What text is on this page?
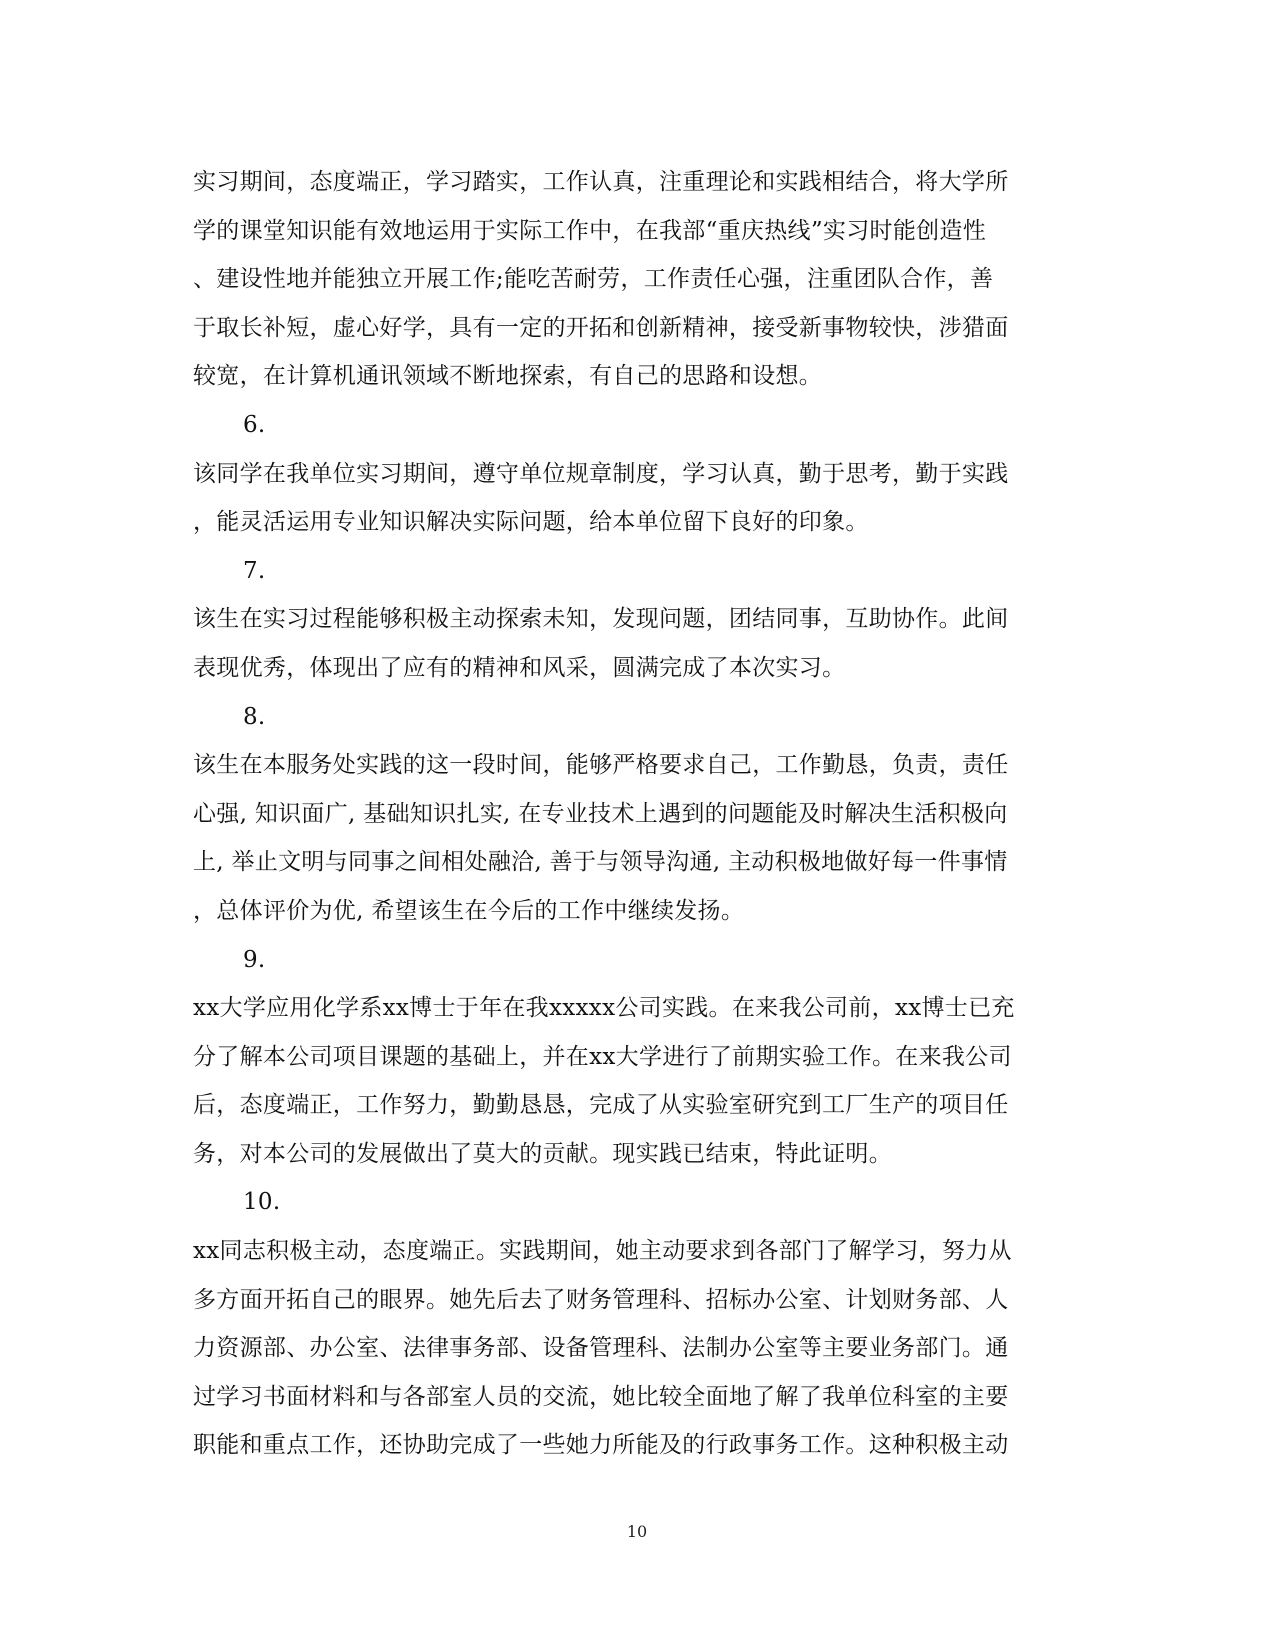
实习期间，态度端正，学习踏实，工作认真，注重理论和实践相结合，将大学所
学的课堂知识能有效地运用于实际工作中，在我部“重庆热线”实习时能创造性
、建设性地并能独立开展工作;能吃苦耐劳，工作责任心强，注重团队合作，善
于取长补短，虚心好学，具有一定的开拓和创新精神，接受新事物较快，涉猎面
较宽，在计算机通讯领域不断地探索，有自己的思路和设想。
6.
该同学在我单位实习期间，遵守单位规章制度，学习认真，勤于思考，勤于实践
，能灵活运用专业知识解决实际问题，给本单位留下良好的印象。
7.
该生在实习过程能够积极主动探索未知，发现问题，团结同事，互助协作。此间
表现优秀，体现出了应有的精神和风采，圆满完成了本次实习。
8.
该生在本服务处实践的这一段时间，能够严格要求自己，工作勤恳，负责，责任
心强, 知识面广, 基础知识扎实, 在专业技术上遇到的问题能及时解决生活积极向
上, 举止文明与同事之间相处融洽, 善于与领导沟通, 主动积极地做好每一件事情
，总体评价为优, 希望该生在今后的工作中继续发扬。
9.
xx大学应用化学系xx博士于年在我xxxxx公司实践。在来我公司前，xx博士已充
分了解本公司项目课题的基础上，并在xx大学进行了前期实验工作。在来我公司
后，态度端正，工作努力，勤勤恳恳，完成了从实验室研究到工厂生产的项目任
务，对本公司的发展做出了莫大的贡献。现实践已结束，特此证明。
10.
xx同志积极主动，态度端正。实践期间，她主动要求到各部门了解学习，努力从
多方面开拓自己的眼界。她先后去了财务管理科、招标办公室、计划财务部、人
力资源部、办公室、法律事务部、设备管理科、法制办公室等主要业务部门。通
过学习书面材料和与各部室人员的交流，她比较全面地了解了我单位科室的主要
职能和重点工作，还协助完成了一些她力所能及的行政事务工作。这种积极主动
10
